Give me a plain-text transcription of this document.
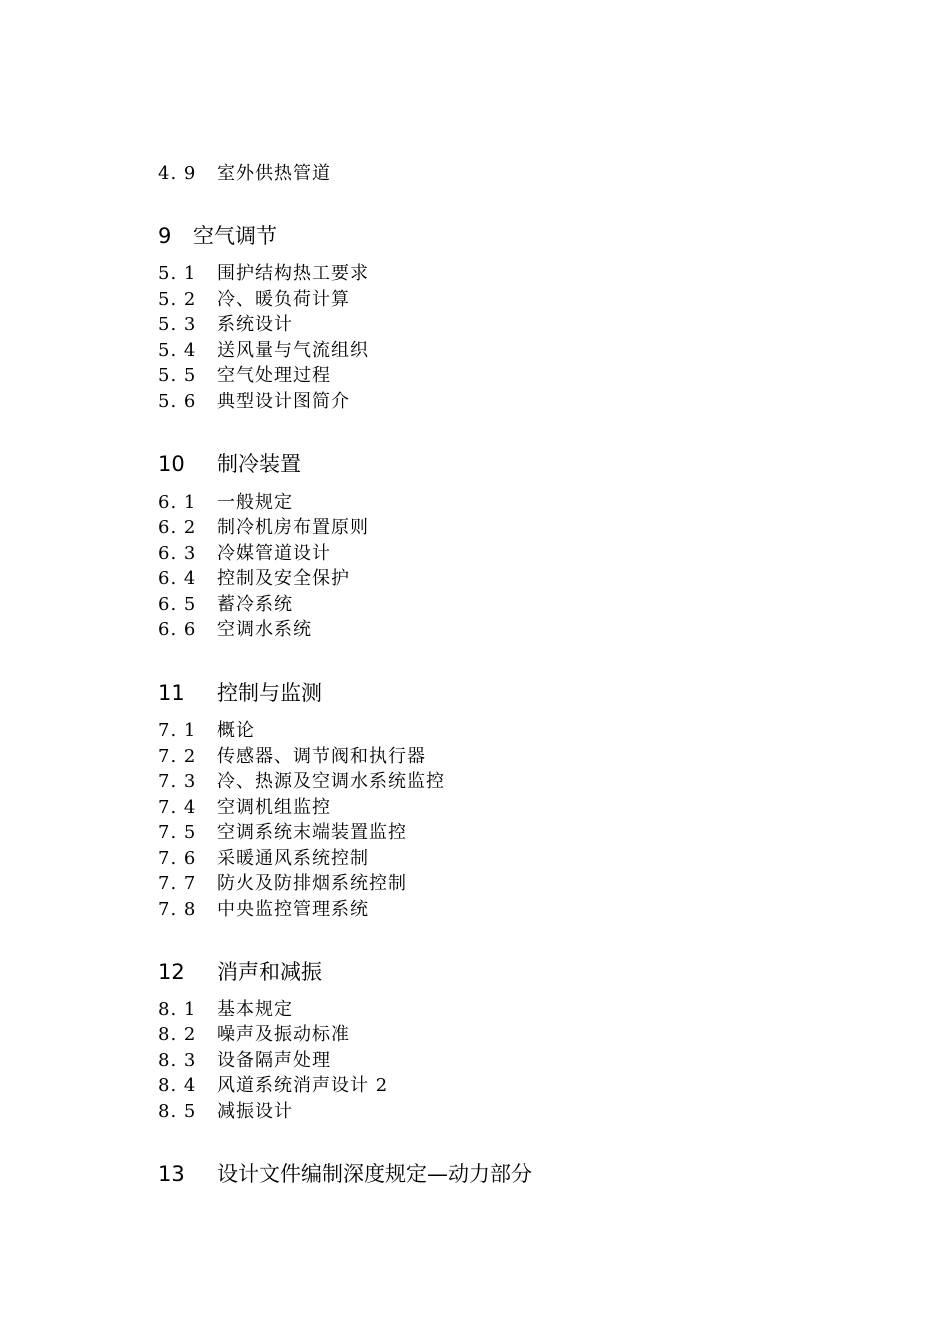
4. 9 室外供热管道
9 空气调节
5. 1 围护结构热工要求
5. 2 冷、暖负荷计算
5. 3 系统设计
5. 4 送风量与气流组织
5. 5 空气处理过程
5. 6 典型设计图简介
10 制冷装置
6. 1 一般规定
6. 2 制冷机房布置原则
6. 3 冷媒管道设计
6. 4 控制及安全保护
6. 5 蓄冷系统
6. 6 空调水系统
11 控制与监测
7. 1 概论
7. 2 传感器、调节阀和执行器
7. 3 冷、热源及空调水系统监控
7. 4 空调机组监控
7. 5 空调系统末端装置监控
7. 6 采暖通风系统控制
7. 7 防火及防排烟系统控制
7. 8 中央监控管理系统
12 消声和减振
8. 1 基本规定
8. 2 噪声及振动标准
8. 3 设备隔声处理
8. 4 风道系统消声设计 2
8. 5 减振设计
13 设计文件编制深度规定—动力部分
